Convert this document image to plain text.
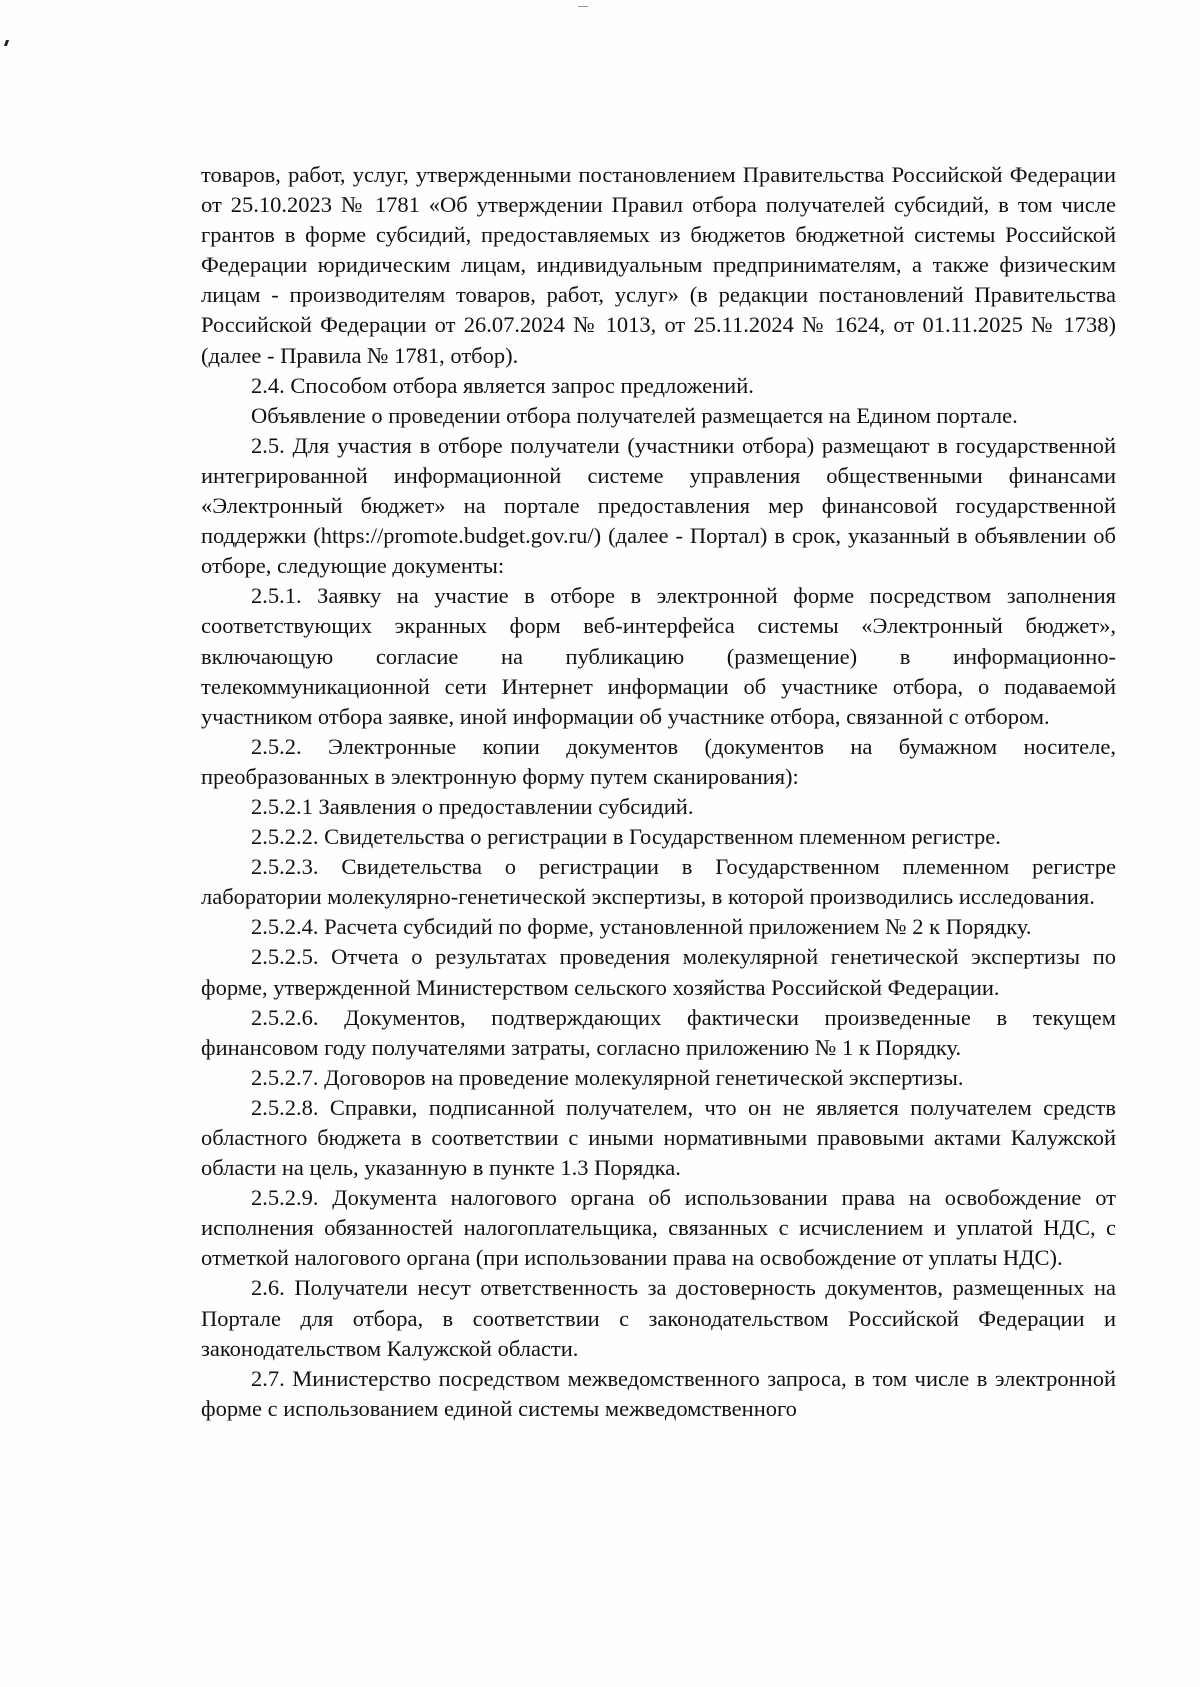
товаров, работ, услуг, утвержденными постановлением Правительства Российской Федерации от 25.10.2023 № 1781 «Об утверждении Правил отбора получателей субсидий, в том числе грантов в форме субсидий, предоставляемых из бюджетов бюджетной системы Российской Федерации юридическим лицам, индивидуальным предпринимателям, а также физическим лицам - производителям товаров, работ, услуг» (в редакции постановлений Правительства Российской Федерации от 26.07.2024 № 1013, от 25.11.2024 № 1624, от 01.11.2025 № 1738) (далее - Правила № 1781, отбор).

2.4. Способом отбора является запрос предложений.

Объявление о проведении отбора получателей размещается на Едином портале.

2.5. Для участия в отборе получатели (участники отбора) размещают в государственной интегрированной информационной системе управления общественными финансами «Электронный бюджет» на портале предоставления мер финансовой государственной поддержки (https://promote.budget.gov.ru/) (далее - Портал) в срок, указанный в объявлении об отборе, следующие документы:

2.5.1. Заявку на участие в отборе в электронной форме посредством заполнения соответствующих экранных форм веб-интерфейса системы «Электронный бюджет», включающую согласие на публикацию (размещение) в информационно-телекоммуникационной сети Интернет информации об участнике отбора, о подаваемой участником отбора заявке, иной информации об участнике отбора, связанной с отбором.

2.5.2. Электронные копии документов (документов на бумажном носителе, преобразованных в электронную форму путем сканирования):

2.5.2.1 Заявления о предоставлении субсидий.

2.5.2.2. Свидетельства о регистрации в Государственном племенном регистре.

2.5.2.3. Свидетельства о регистрации в Государственном племенном регистре лаборатории молекулярно-генетической экспертизы, в которой производились исследования.

2.5.2.4. Расчета субсидий по форме, установленной приложением № 2 к Порядку.

2.5.2.5. Отчета о результатах проведения молекулярной генетической экспертизы по форме, утвержденной Министерством сельского хозяйства Российской Федерации.

2.5.2.6. Документов, подтверждающих фактически произведенные в текущем финансовом году получателями затраты, согласно приложению № 1 к Порядку.

2.5.2.7. Договоров на проведение молекулярной генетической экспертизы.

2.5.2.8. Справки, подписанной получателем, что он не является получателем средств областного бюджета в соответствии с иными нормативными правовыми актами Калужской области на цель, указанную в пункте 1.3 Порядка.

2.5.2.9. Документа налогового органа об использовании права на освобождение от исполнения обязанностей налогоплательщика, связанных с исчислением и уплатой НДС, с отметкой налогового органа (при использовании права на освобождение от уплаты НДС).

2.6. Получатели несут ответственность за достоверность документов, размещенных на Портале для отбора, в соответствии с законодательством Российской Федерации и законодательством Калужской области.

2.7. Министерство посредством межведомственного запроса, в том числе в электронной форме с использованием единой системы межведомственного
